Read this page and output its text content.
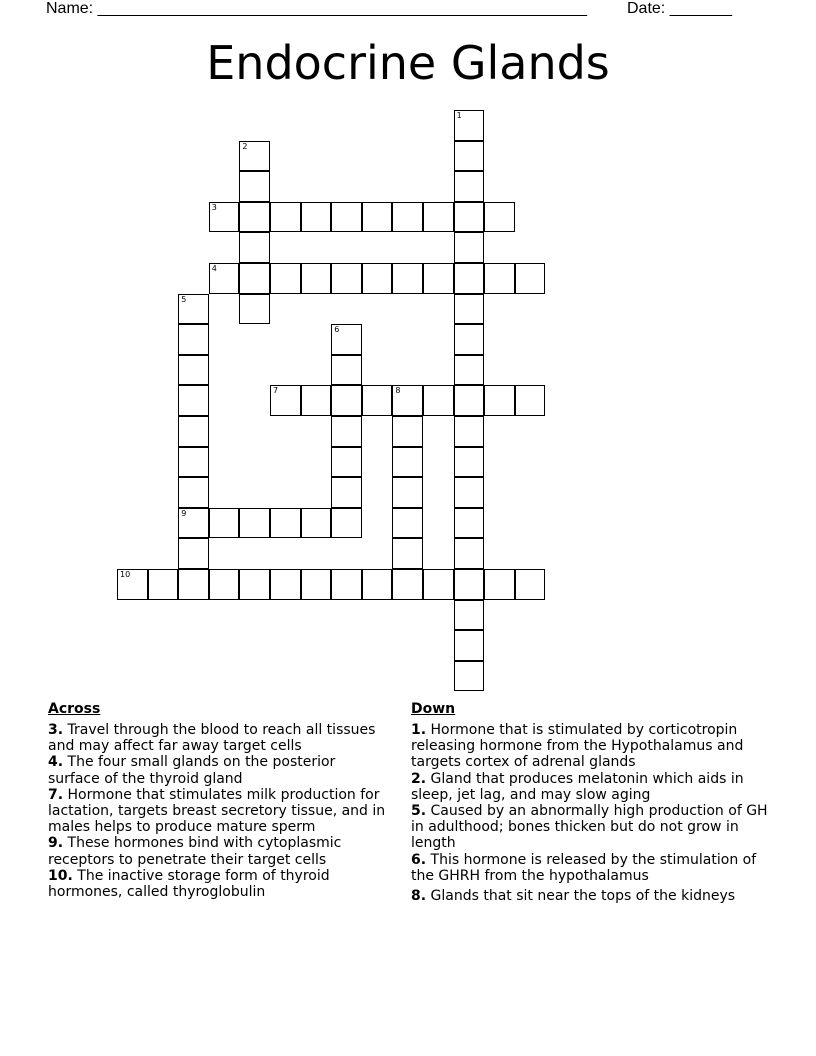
Name: _______________________________________________________	Date: _______
Endocrine Glands
1
2
3
4
5
9
6
7	8
10
Across
3. Travel through the blood to reach all tissues and may affect far away target cells
4. The four small glands on the posterior surface of the thyroid gland
7. Hormone that stimulates milk production for lactation, targets breast secretory tissue, and in males helps to produce mature sperm
9. These hormones bind with cytoplasmic receptors to penetrate their target cells
10. The inactive storage form of thyroid hormones, called thyroglobulin
Down
1. Hormone that is stimulated by corticotropin releasing hormone from the Hypothalamus and targets cortex of adrenal glands
2. Gland that produces melatonin which aids in sleep, jet lag, and may slow aging
5. Caused by an abnormally high production of GH in adulthood; bones thicken but do not grow in length
6. This hormone is released by the stimulation of the GHRH from the hypothalamus
8. Glands that sit near the tops of the kidneys
